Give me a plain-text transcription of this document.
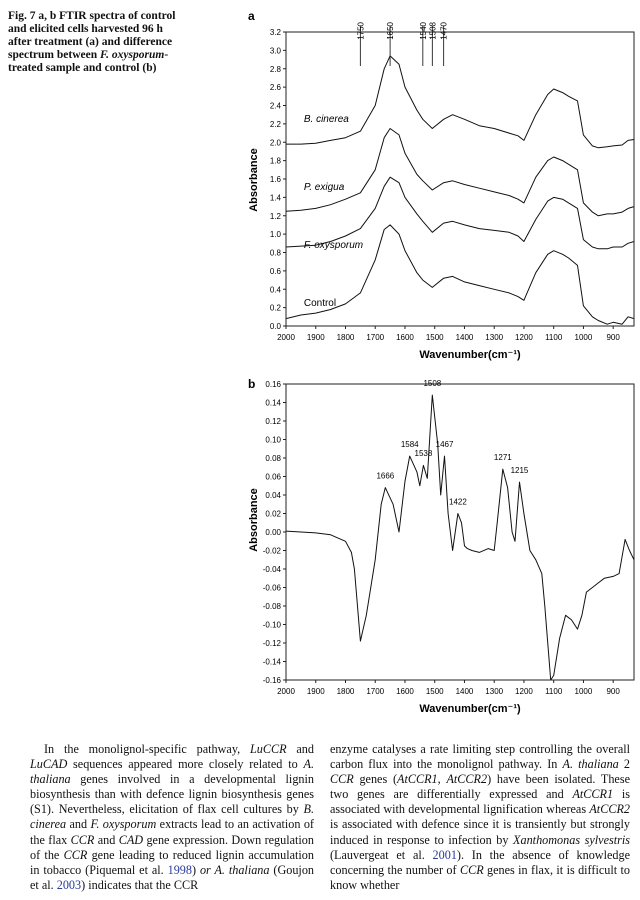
Fig. 7 a, b FTIR spectra of control and elicited cells harvested 96 h after treatment (a) and difference spectrum between F. oxysporum-treated sample and control (b)
a
Absorbance
Wavenumber(cm⁻¹)
3.2
3.0
2.8
2.6
2.4
2.2
2.0
1.8
1.6
1.4
1.2
1.0
0.8
0.6
0.4
0.2
0.0
2000 1900 1800 1700 1600 1500 1400 1300 1200 1100 1000 900
1750	1650	1540 1508 1470
B. cinerea
P. exigua
F. oxysporum
Control
b
Absorbance
Wavenumber(cm⁻¹)
0.16
0.14
0.12
0.10
0.08
0.06
0.04
0.02
0.00
-0.02
-0.04
-0.06
-0.08
-0.10
-0.12
-0.14
-0.16
2000 1900 1800 1700 1600 1500 1400 1300 1200 1100 1000 900
1666
1584
1538
1508
1467
1422
1271
1215

In the monolignol-specific pathway, LuCCR and LuCAD sequences appeared more closely related to A. thaliana genes involved in a developmental lignin biosynthesis than with defence lignin biosynthesis genes (S1). Nevertheless, elicitation of flax cell cultures by B. cinerea and F. oxysporum extracts lead to an activation of the flax CCR and CAD gene expression. Down regulation of the CCR gene leading to reduced lignin accumulation in tobacco (Piquemal et al. 1998) or A. thaliana (Goujon et al. 2003) indicates that the CCR

enzyme catalyses a rate limiting step controlling the overall carbon flux into the monolignol pathway. In A. thaliana 2 CCR genes (AtCCR1, AtCCR2) have been isolated. These two genes are differentially expressed and AtCCR1 is associated with developmental lignification whereas AtCCR2 is associated with defence since it is transiently but strongly induced in response to infection by Xanthomonas sylvestris (Lauvergeat et al. 2001). In the absence of knowledge concerning the number of CCR genes in flax, it is difficult to know whether
